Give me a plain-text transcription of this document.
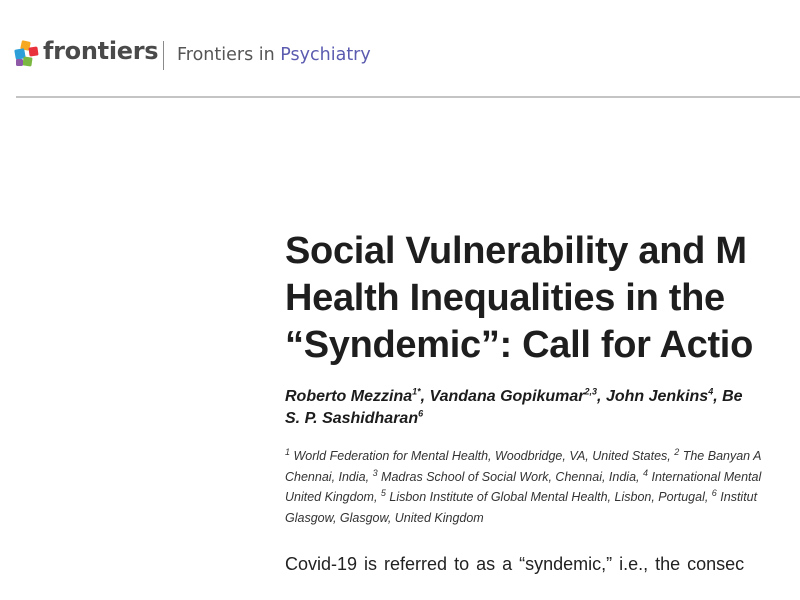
frontiers Frontiers in Psychiatry
Social Vulnerability and M
Health Inequalities in the
“Syndemic”: Call for Actio
Roberto Mezzina$^{1*}$, Vandana Gopikumar$^{2,3}$, John Jenkins$^4$, Be
S. P. Sashidharan$^6$
$^1$ World Federation for Mental Health, Woodbridge, VA, United States, $^2$ The Banyan A
Chennai, India, $^3$ Madras School of Social Work, Chennai, India, $^4$ International Mental
United Kingdom, $^5$ Lisbon Institute of Global Mental Health, Lisbon, Portugal, $^6$ Institut
Glasgow, Glasgow, United Kingdom
Covid-19 is referred to as a “syndemic,” i.e., the consec
